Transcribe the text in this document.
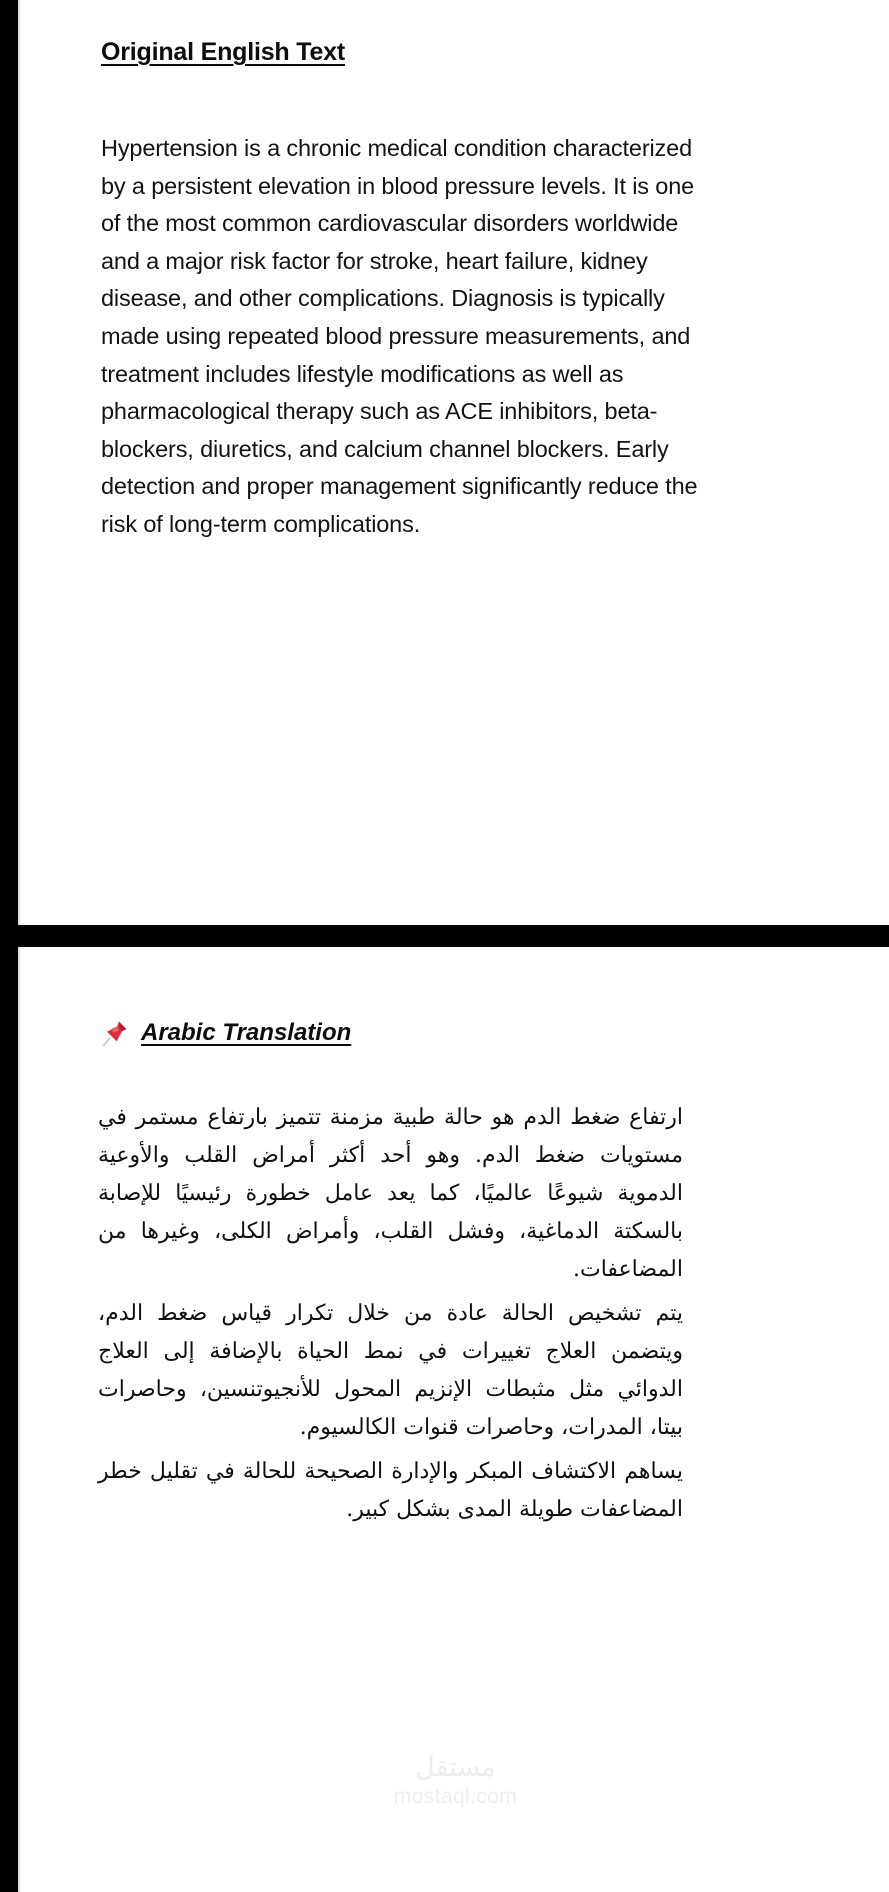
Original English Text
Hypertension is a chronic medical condition characterized by a persistent elevation in blood pressure levels. It is one of the most common cardiovascular disorders worldwide and a major risk factor for stroke, heart failure, kidney disease, and other complications. Diagnosis is typically made using repeated blood pressure measurements, and treatment includes lifestyle modifications as well as pharmacological therapy such as ACE inhibitors, beta-blockers, diuretics, and calcium channel blockers. Early detection and proper management significantly reduce the risk of long-term complications.
Arabic Translation

ارتفاع ضغط الدم هو حالة طبية مزمنة تتميز بارتفاع مستمر في مستويات ضغط الدم. وهو أحد أكثر أمراض القلب والأوعية الدموية شيوعًا عالميًا، كما يعد عامل خطورة رئيسيًا للإصابة بالسكتة الدماغية، وفشل القلب، وأمراض الكلى، وغيرها من المضاعفات.

يتم تشخيص الحالة عادة من خلال تكرار قياس ضغط الدم، ويتضمن العلاج تغييرات في نمط الحياة بالإضافة إلى العلاج الدوائي مثل مثبطات الإنزيم المحول للأنجيوتنسين، وحاصرات بيتا، المدرات، وحاصرات قنوات الكالسيوم.

يساهم الاكتشاف المبكر والإدارة الصحيحة للحالة في تقليل خطر المضاعفات طويلة المدى بشكل كبير.

مستقل
mostaql.com
